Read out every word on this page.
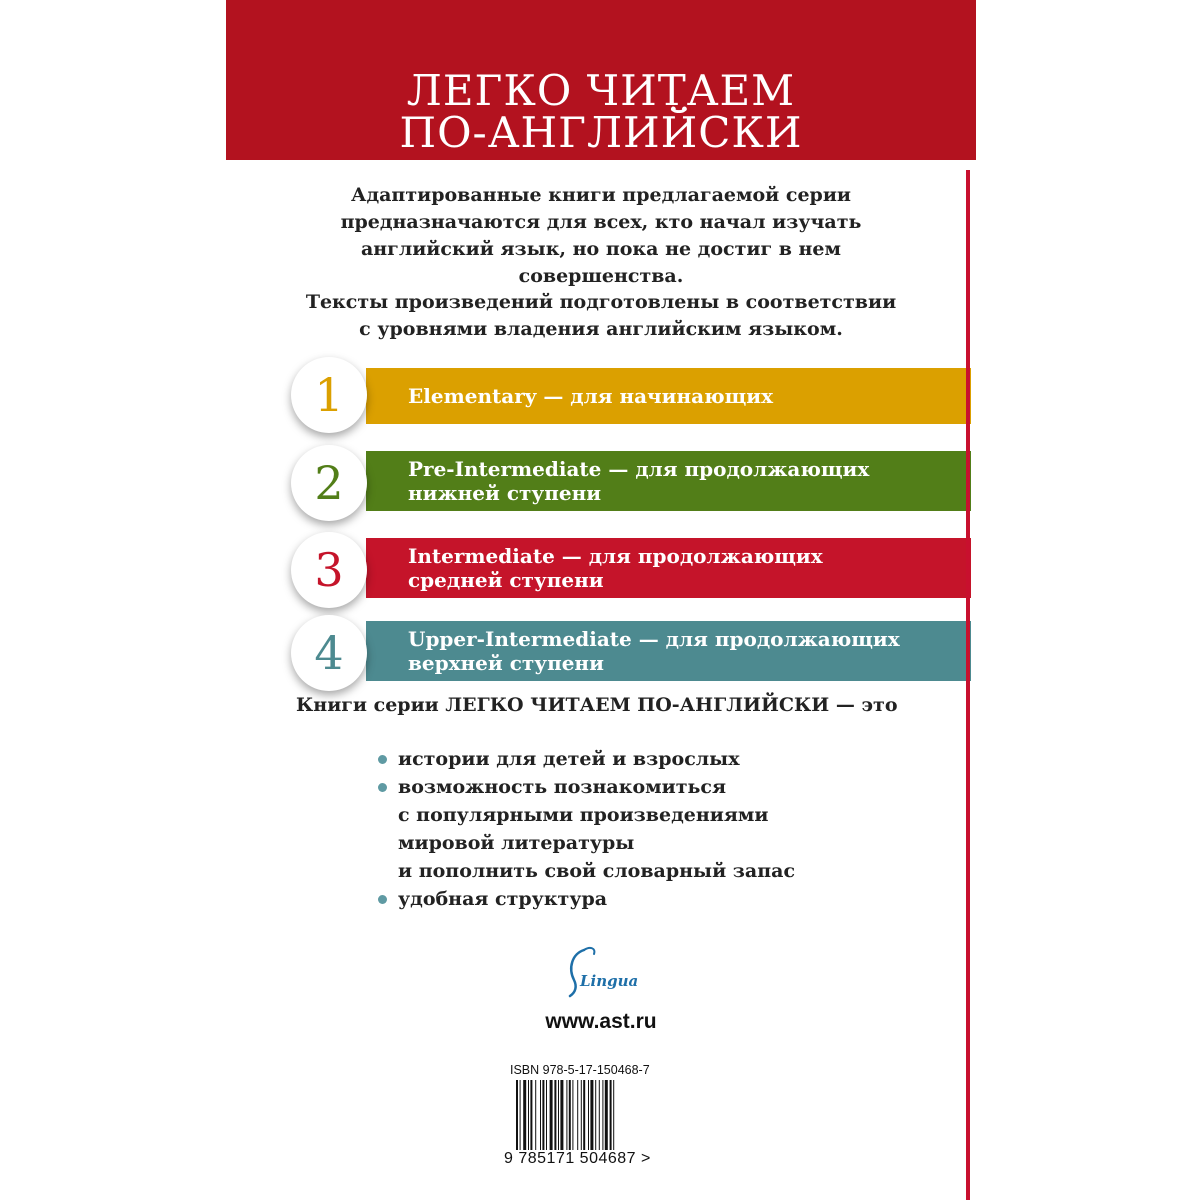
ЛЕГКО ЧИТАЕМ
ПО-АНГЛИЙСКИ
Адаптированные книги предлагаемой серии
предназначаются для всех, кто начал изучать
английский язык, но пока не достиг в нем
совершенства.
Тексты произведений подготовлены в соответствии
с уровнями владения английским языком.
Elementary — для начинающих
1
Pre-Intermediate — для продолжающих
нижней ступени
2
Intermediate — для продолжающих
средней ступени
3
Upper-Intermediate — для продолжающих
верхней ступени
4
Книги серии ЛЕГКО ЧИТАЕМ ПО-АНГЛИЙСКИ — это
истории для детей и взрослых
возможность познакомиться
с популярными произведениями
мировой литературы
и пополнить свой словарный запас
удобная структура
Lingua
www.ast.ru
ISBN 978-5-17-150468-7
9 785171 504687 >
